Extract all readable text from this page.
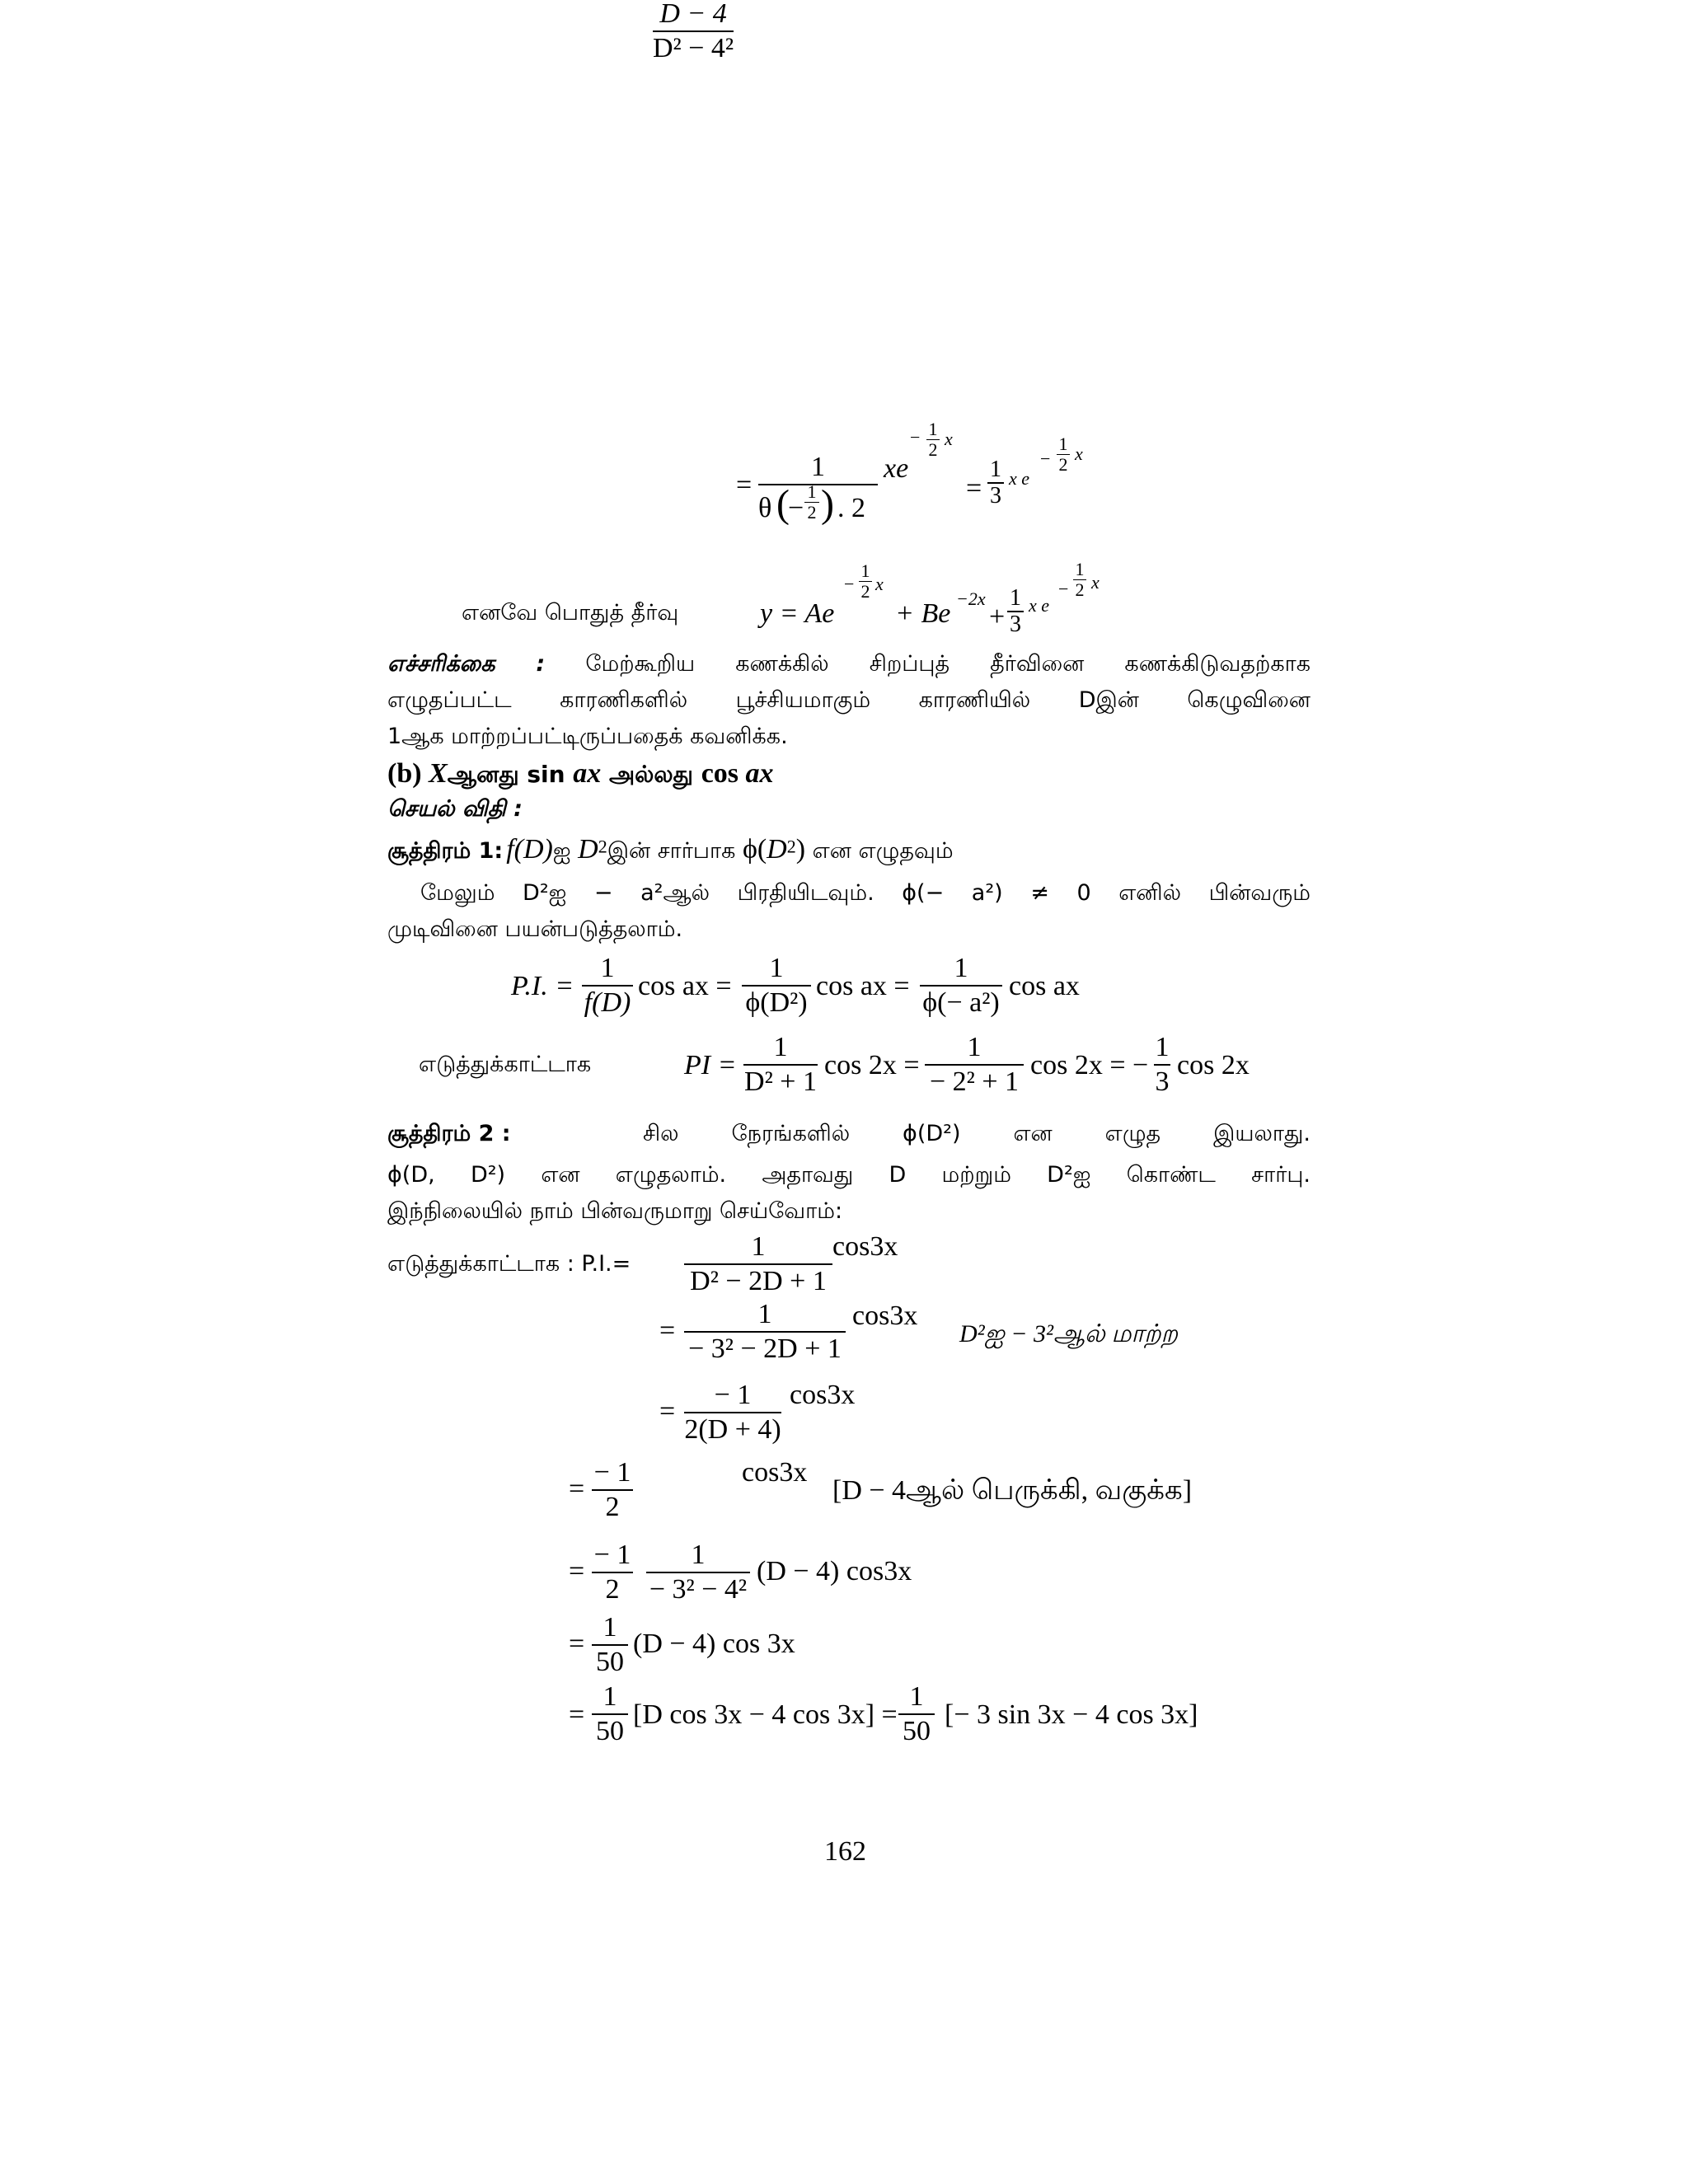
=
1
θ (
−
1
2 ) . 2
xe
− 1
2
x
=
1
3
x e
−
1
2
x
எனவே பொதுத் தீர்வு	y = Ae
−
1
2 x
+ Be −2x
+
1
3
x e
−
1
2 x
எச்சரிக்கை : மேற்கூறிய கணக்கில் சிறப்புத் தீர்வினை கணக்கிடுவதற்காக
எழுதப்பட்ட காரணிகளில் பூச்சியமாகும் காரணியில் Dஇன் கெழுவினை
1ஆக மாற்றப்பட்டிருப்பதைக் கவனிக்க.
(b) Xஆனது sin ax அல்லது cos ax
செயல் விதி :
சூத்திரம் 1: f(D)ஐ D2இன் சார்பாக ϕ(D2) என எழுதவும்
மேலும் D²ஐ − a²ஆல் பிரதியிடவும். ϕ(− a²) ≠ 0 எனில் பின்வரும்
முடிவினை பயன்படுத்தலாம்.
P.I. =
1
f(D)
cos ax =
1
ϕ(D²)
cos ax =
1
ϕ(− a²)
cos ax
எடுத்துக்காட்டாக	PI =
1
D² + 1
cos 2x =
1
− 2² + 1
cos 2x = −
1
3
cos 2x
சூத்திரம் 2 :	சில நேரங்களில் ϕ(D²) என எழுத இயலாது.
ϕ(D, D²) என எழுதலாம். அதாவது D மற்றும் D²ஐ கொண்ட சார்பு.
இந்நிலையில் நாம் பின்வருமாறு செய்வோம்:
எடுத்துக்காட்டாக : P.I.=
1
D² − 2D + 1
cos3x
=
1
− 3² − 2D + 1
cos3x
D²ஐ − 3²ஆல் மாற்ற
=
− 1
2(D + 4)
cos3x
=
− 1
2
D − 4
D² − 4²
cos3x
[D − 4ஆல் பெருக்கி, வகுக்க]
=
− 1
2
1
− 3² − 4²
(D − 4) cos3x
=
1
50
(D − 4) cos 3x
=
1
50
[D cos 3x − 4 cos 3x] =
1
50
[− 3 sin 3x − 4 cos 3x]
162
